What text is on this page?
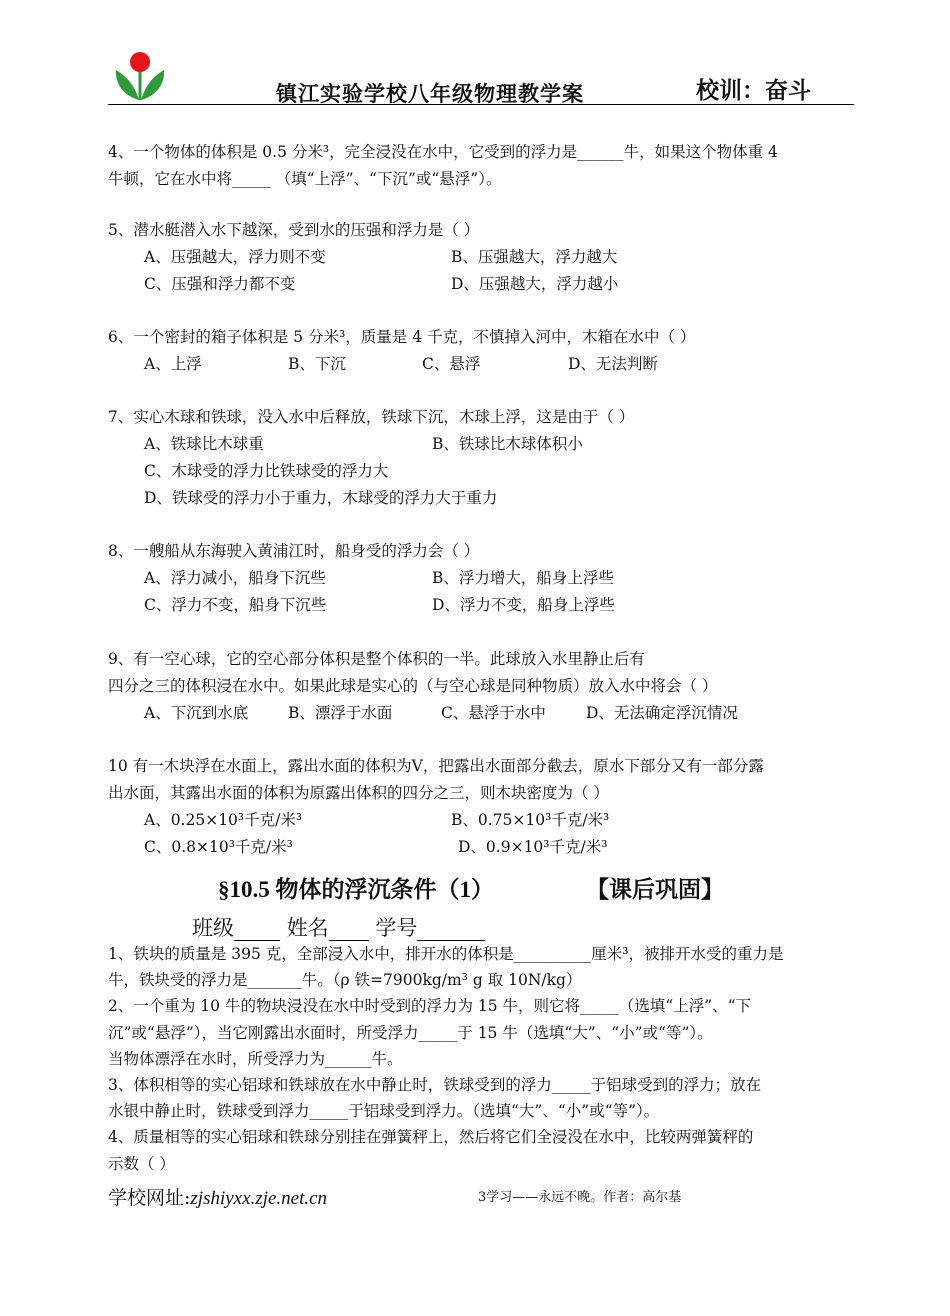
镇江实验学校八年级物理教学案	校训：奋斗
4、一个物体的体积是 0.5 分米³，完全浸没在水中，它受到的浮力是______牛，如果这个物体重 4
牛顿，它在水中将_____ （填“上浮”、“下沉”或“悬浮”）。
5、潜水艇潜入水下越深，受到水的压强和浮力是（ ）
A、压强越大，浮力则不变	B、压强越大，浮力越大
C、压强和浮力都不变	D、压强越大，浮力越小
6、一个密封的箱子体积是 5 分米³，质量是 4 千克，不慎掉入河中，木箱在水中（ ）
A、上浮	B、下沉	C、悬浮	D、无法判断
7、实心木球和铁球，没入水中后释放，铁球下沉，木球上浮，这是由于（ ）
A、铁球比木球重	B、铁球比木球体积小
C、木球受的浮力比铁球受的浮力大
D、铁球受的浮力小于重力，木球受的浮力大于重力
8、一艘船从东海驶入黄浦江时，船身受的浮力会（ ）
A、浮力减小，船身下沉些	B、浮力增大，船身上浮些
C、浮力不变，船身下沉些	D、浮力不变，船身上浮些
9、有一空心球，它的空心部分体积是整个体积的一半。此球放入水里静止后有
四分之三的体积浸在水中。如果此球是实心的（与空心球是同种物质）放入水中将会（ ）
A、下沉到水底	B、漂浮于水面	C、悬浮于水中	D、无法确定浮沉情况
10 有一木块浮在水面上，露出水面的体积为V，把露出水面部分截去，原水下部分又有一部分露
出水面，其露出水面的体积为原露出体积的四分之三，则木块密度为（ ）
A、0.25×10³千克/米³	B、0.75×10³千克/米³
C、0.8×10³千克/米³	D、0.9×10³千克/米³
§10.5 物体的浮沉条件（1）	【课后巩固】
班级	姓名 学号
1、铁块的质量是 395 克，全部浸入水中，排开水的体积是__________厘米³，被排开水受的重力是
牛，铁块受的浮力是_______牛。（ρ 铁=7900kg/m³ g 取 10N/kg）
2、一个重为 10 牛的物块浸没在水中时受到的浮力为 15 牛，则它将_____（选填“上浮”、“下
沉”或“悬浮”），当它刚露出水面时，所受浮力_____于 15 牛（选填“大”、“小”或“等”）。
当物体漂浮在水时，所受浮力为______牛。
3、体积相等的实心铝球和铁球放在水中静止时，铁球受到的浮力_____于铝球受到的浮力；放在
水银中静止时，铁球受到浮力_____于铝球受到浮力。（选填“大”、“小”或“等”）。
4、质量相等的实心铝球和铁球分别挂在弹簧秤上，然后将它们全浸没在水中，比较两弹簧秤的
示数（ ）
学校网址:zjshiyxx.zje.net.cn	3学习——永远不晚。作者：高尔基
